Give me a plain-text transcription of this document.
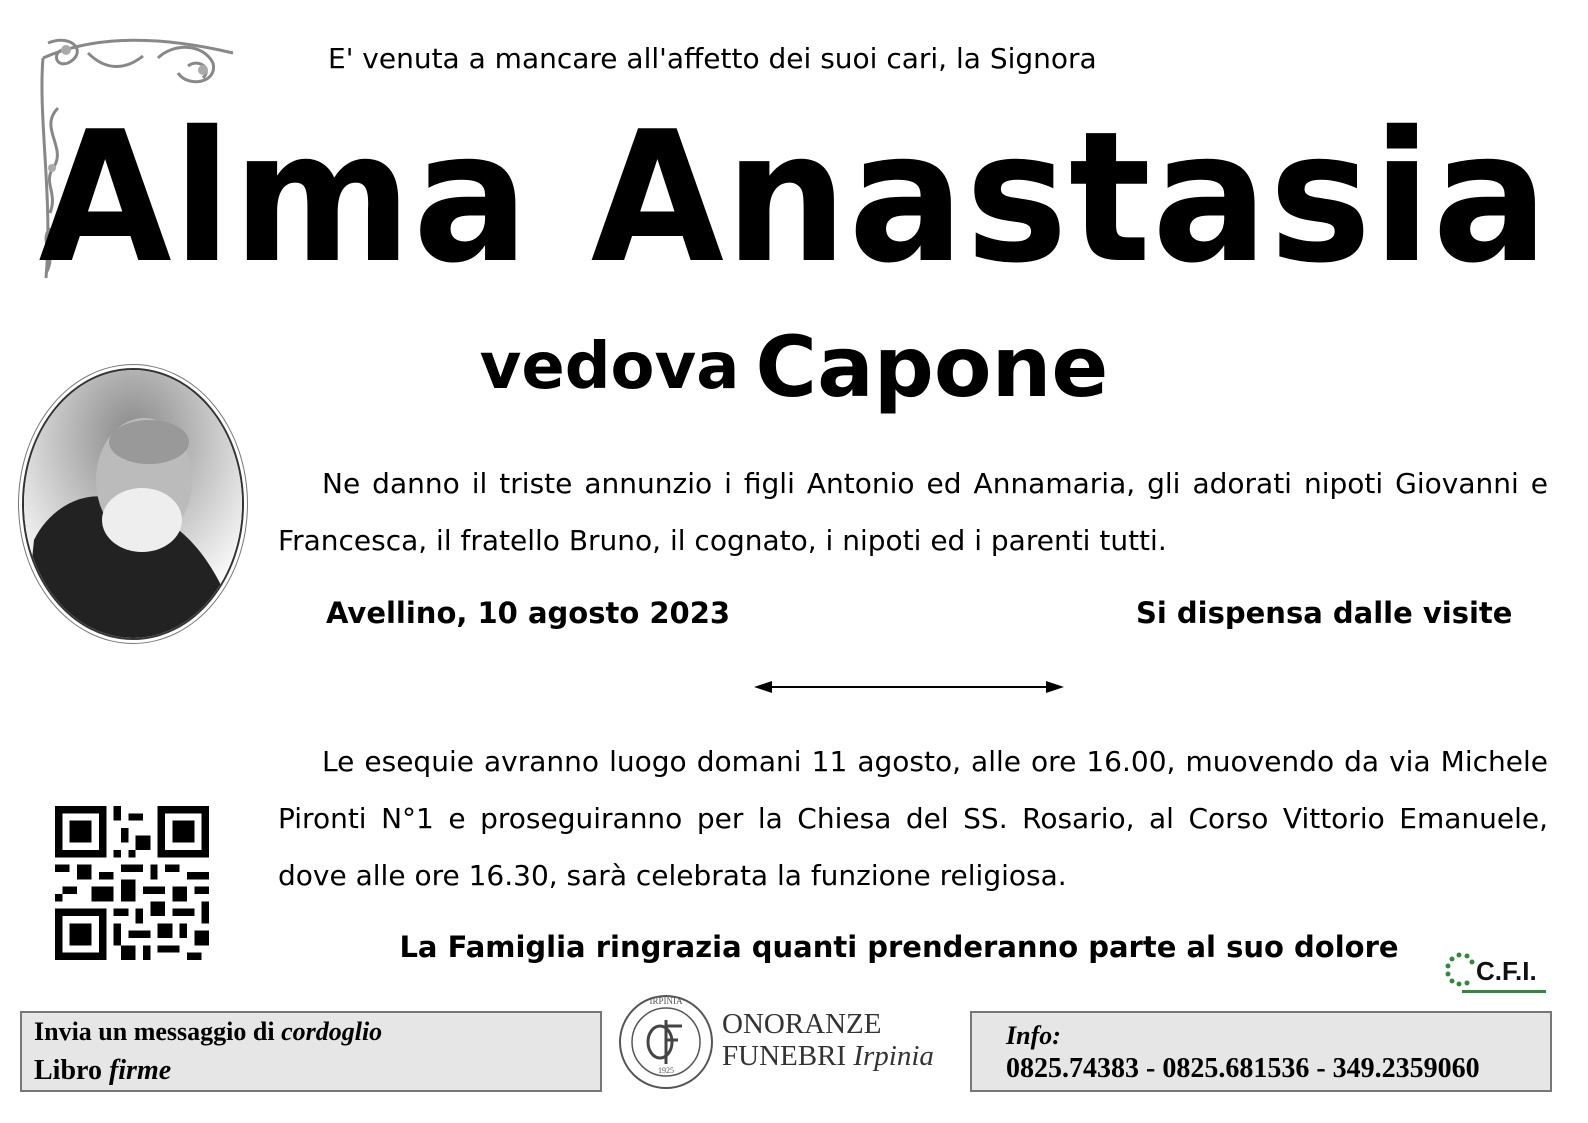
E' venuta a mancare all'affetto dei suoi cari, la Signora
Alma Anastasia
vedova Capone
Ne danno il triste annunzio i figli Antonio ed Annamaria, gli adorati nipoti Giovanni e Francesca, il fratello Bruno, il cognato, i nipoti ed i parenti tutti.
Avellino, 10 agosto 2023	Si dispensa dalle visite
Le esequie avranno luogo domani 11 agosto, alle ore 16.00, muovendo da via Michele Pironti N°1 e proseguiranno per la Chiesa del SS. Rosario, al Corso Vittorio Emanuele, dove alle ore 16.30, sarà celebrata la funzione religiosa.
La Famiglia ringrazia quanti prenderanno parte al suo dolore
C.F.I.
Invia un messaggio di cordoglio
Libro firme
IRPINIA
1925
ONORANZE
FUNEBRI Irpinia
Info:
0825.74383 - 0825.681536 - 349.2359060
